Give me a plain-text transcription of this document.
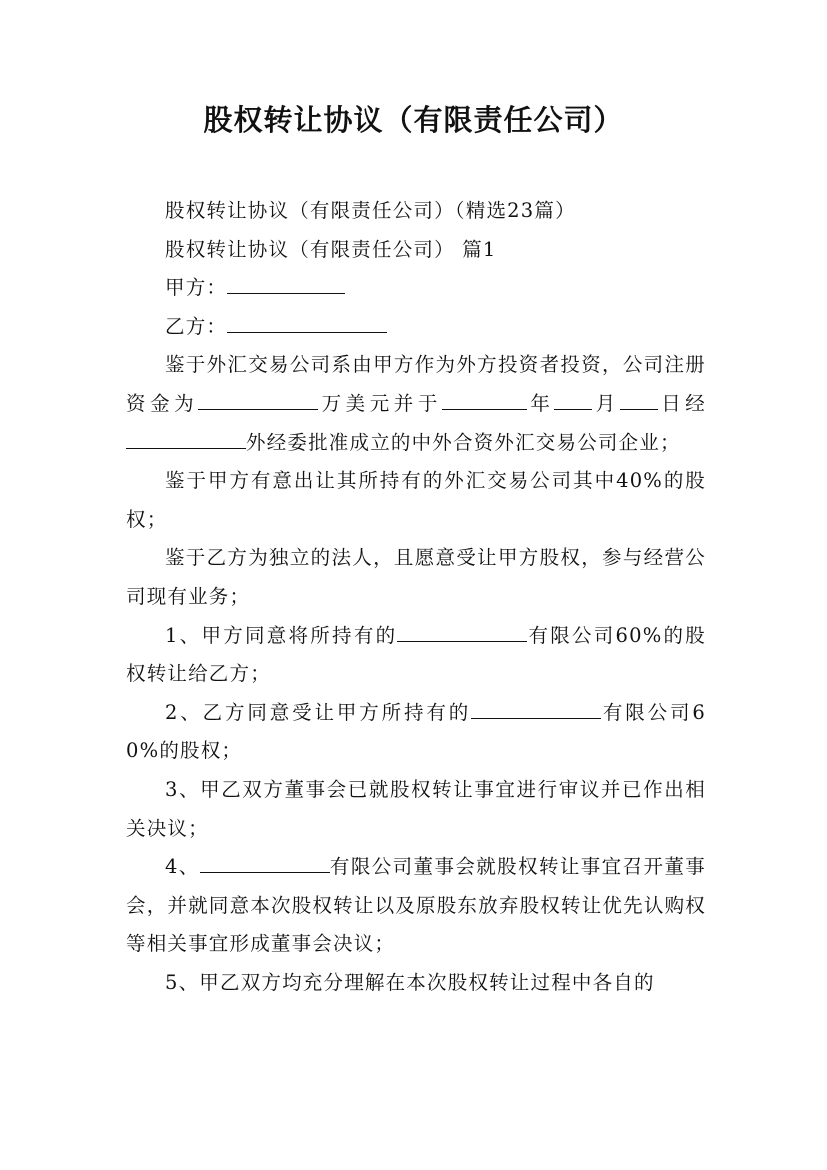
股权转让协议（有限责任公司）

股权转让协议（有限责任公司）（精选23篇）

股权转让协议（有限责任公司） 篇1

甲方：

乙方：

鉴于外汇交易公司系由甲方作为外方投资者投资，公司注册资金为	万美元并于	年 月 日经外经委批准成立的中外合资外汇交易公司企业；

鉴于甲方有意出让其所持有的外汇交易公司其中40%的股权；

鉴于乙方为独立的法人，且愿意受让甲方股权，参与经营公司现有业务；

1、甲方同意将所持有的	有限公司60%的股权转让给乙方；

2、乙方同意受让甲方所持有的	有限公司60%的股权；

3、甲乙双方董事会已就股权转让事宜进行审议并已作出相关决议；

4、	有限公司董事会就股权转让事宜召开董事会，并就同意本次股权转让以及原股东放弃股权转让优先认购权等相关事宜形成董事会决议；

5、甲乙双方均充分理解在本次股权转让过程中各自的
